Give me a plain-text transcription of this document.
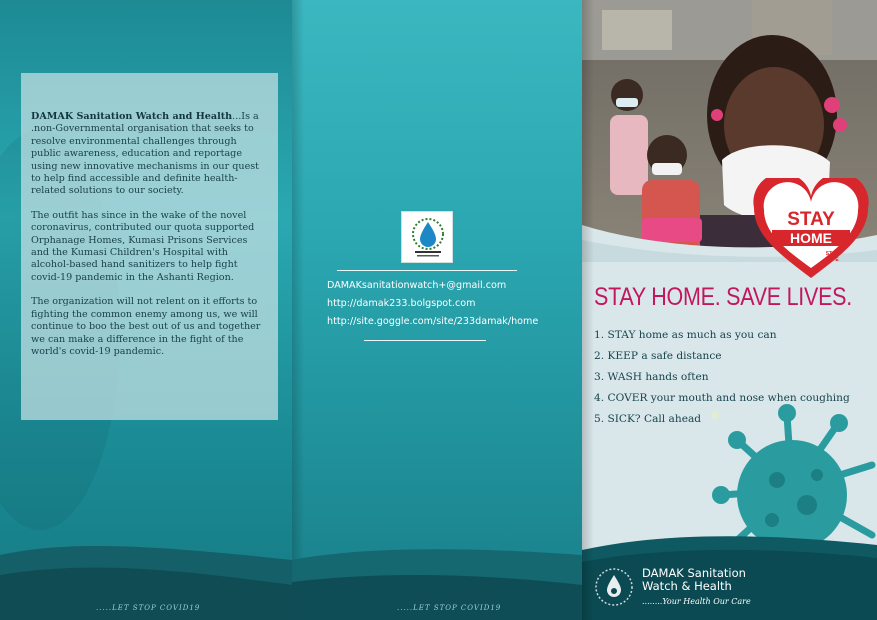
DAMAK Sanitation Watch and Health...Is a .non-Governmental organisation that seeks to resolve environmental challenges through public awareness, education and reportage using new innovative mechanisms in our quest to help find accessible and definite health-related solutions to our society.

The outfit has since in the wake of the novel coronavirus, contributed our quota supported Orphanage Homes, Kumasi Prisons Services and the Kumasi Children's Hospital with alcohol-based hand sanitizers to help fight covid-19 pandemic in the Ashanti Region.

The organization will not relent on it efforts to fighting the common enemy among us, we will continue to boo the best out of us and together we can make a difference in the fight of the world's covid-19 pandemic.

.....LET STOP COVID19
DAMAKsanitationwatch+@gmail.com
http://damak233.bolgspot.com
http://site.goggle.com/site/233damak/home
.....LET STOP COVID19
STAY
HOME
STAY
SAFE
STAY HOME. SAVE LIVES.
1. STAY home as much as you can
2. KEEP a safe distance
3. WASH hands often
4. COVER your mouth and nose when coughing
5. SICK? Call ahead
DAMAK Sanitation
Watch & Health
........Your Health Our Care
